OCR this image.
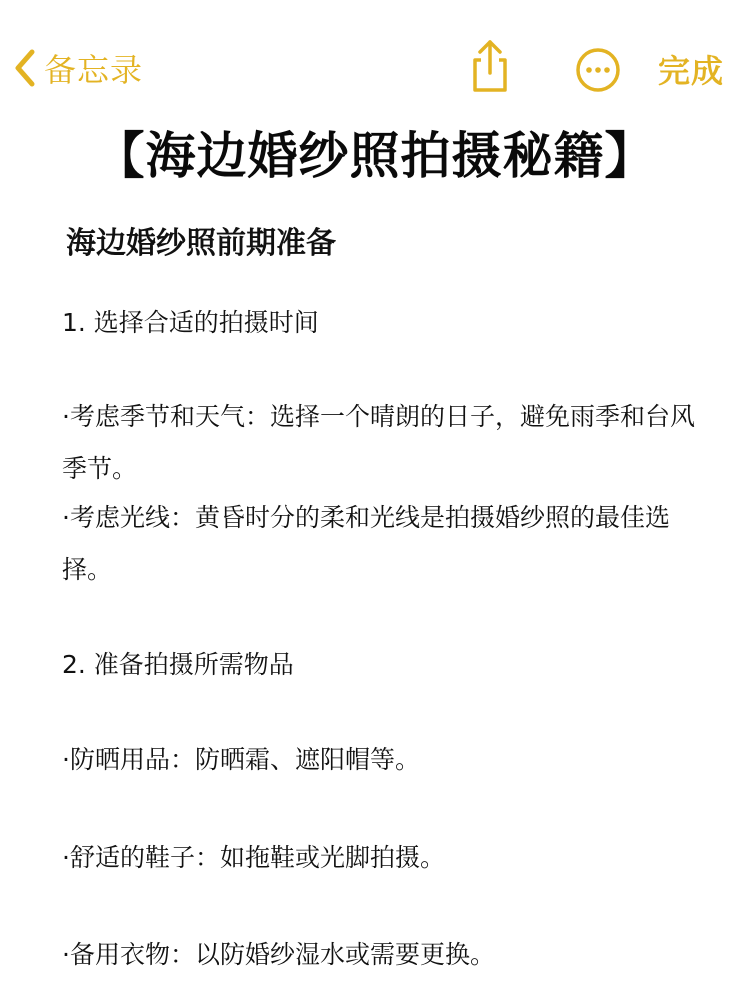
备忘录	完成
【海边婚纱照拍摄秘籍】
海边婚纱照前期准备

1. 选择合适的拍摄时间

·考虑季节和天气：选择一个晴朗的日子，避免雨季和台风季节。

·考虑光线：黄昏时分的柔和光线是拍摄婚纱照的最佳选择。

2. 准备拍摄所需物品

·防晒用品：防晒霜、遮阳帽等。

·舒适的鞋子：如拖鞋或光脚拍摄。

·备用衣物：以防婚纱湿水或需要更换。
